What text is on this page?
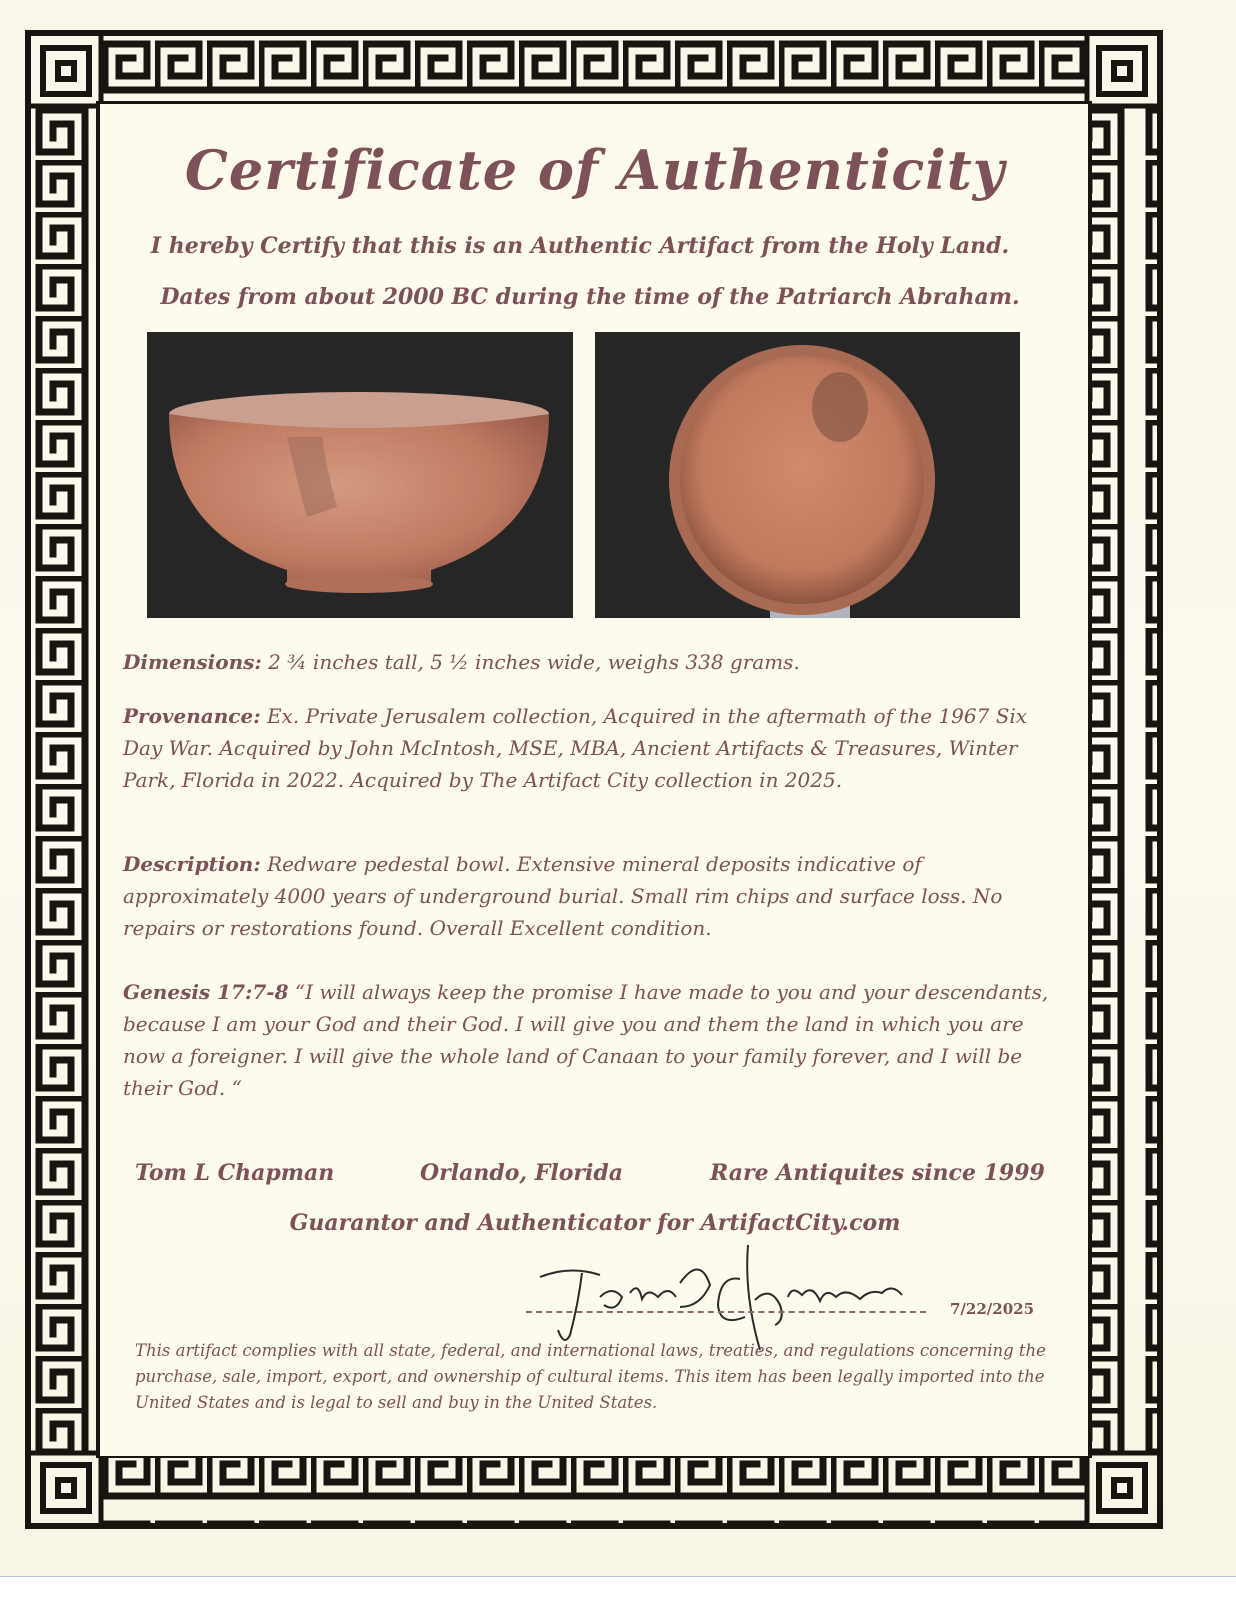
Certificate of Authenticity
I hereby Certify that this is an Authentic Artifact from the Holy Land.
Dates from about 2000 BC during the time of the Patriarch Abraham.
Dimensions: 2 ¾ inches tall, 5 ½ inches wide, weighs 338 grams.
Provenance: Ex. Private Jerusalem collection, Acquired in the aftermath of the 1967 Six Day War. Acquired by John McIntosh, MSE, MBA, Ancient Artifacts & Treasures, Winter Park, Florida in 2022. Acquired by The Artifact City collection in 2025.
Description: Redware pedestal bowl. Extensive mineral deposits indicative of approximately 4000 years of underground burial. Small rim chips and surface loss. No repairs or restorations found. Overall Excellent condition.
Genesis 17:7-8 “I will always keep the promise I have made to you and your descendants, because I am your God and their God. I will give you and them the land in which you are now a foreigner. I will give the whole land of Canaan to your family forever, and I will be their God. “
Tom L Chapman	Orlando, Florida	Rare Antiquites since 1999
Guarantor and Authenticator for ArtifactCity.com
7/22/2025
This artifact complies with all state, federal, and international laws, treaties, and regulations concerning the purchase, sale, import, export, and ownership of cultural items. This item has been legally imported into the United States and is legal to sell and buy in the United States.
